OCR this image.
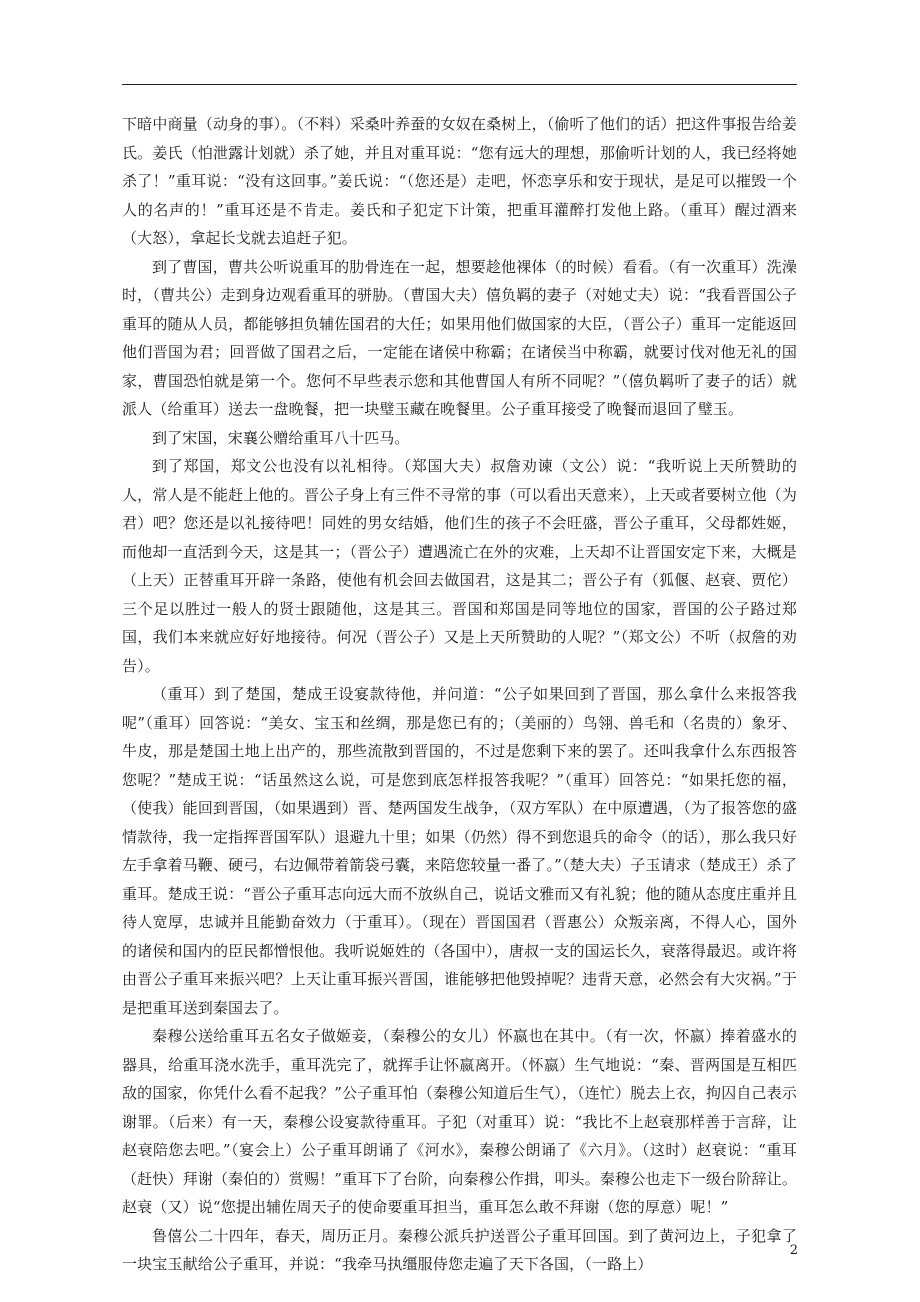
下暗中商量（动身的事）。（不料）采桑叶养蚕的女奴在桑树上，（偷听了他们的话）把这件事报告给姜氏。姜氏（怕泄露计划就）杀了她，并且对重耳说：“您有远大的理想，那偷听计划的人，我已经将她杀了！”重耳说：“没有这回事。”姜氏说：“（您还是）走吧，怀恋享乐和安于现状，是足可以摧毁一个人的名声的！”重耳还是不肯走。姜氏和子犯定下计策，把重耳灌醉打发他上路。（重耳）醒过酒来（大怒），拿起长戈就去追赶子犯。

到了曹国，曹共公听说重耳的肋骨连在一起，想要趁他裸体（的时候）看看。（有一次重耳）洗澡时，（曹共公）走到身边观看重耳的骈胁。（曹国大夫）僖负羁的妻子（对她丈夫）说：“我看晋国公子重耳的随从人员，都能够担负辅佐国君的大任；如果用他们做国家的大臣，（晋公子）重耳一定能返回他们晋国为君；回晋做了国君之后，一定能在诸侯中称霸；在诸侯当中称霸，就要讨伐对他无礼的国家，曹国恐怕就是第一个。您何不早些表示您和其他曹国人有所不同呢？”（僖负羁听了妻子的话）就派人（给重耳）送去一盘晚餐，把一块璧玉藏在晚餐里。公子重耳接受了晚餐而退回了璧玉。

到了宋国，宋襄公赠给重耳八十匹马。

到了郑国，郑文公也没有以礼相待。（郑国大夫）叔詹劝谏（文公）说：“我听说上天所赞助的人，常人是不能赶上他的。晋公子身上有三件不寻常的事（可以看出天意来），上天或者要树立他（为君）吧？您还是以礼接待吧！同姓的男女结婚，他们生的孩子不会旺盛，晋公子重耳，父母都姓姬，而他却一直活到今天，这是其一；（晋公子）遭遇流亡在外的灾难，上天却不让晋国安定下来，大概是（上天）正替重耳开辟一条路，使他有机会回去做国君，这是其二；晋公子有（狐偃、赵衰、贾佗）三个足以胜过一般人的贤士跟随他，这是其三。晋国和郑国是同等地位的国家，晋国的公子路过郑国，我们本来就应好好地接待。何况（晋公子）又是上天所赞助的人呢？”（郑文公）不听（叔詹的劝告）。

（重耳）到了楚国，楚成王设宴款待他，并问道：“公子如果回到了晋国，那么拿什么来报答我呢”（重耳）回答说：“美女、宝玉和丝绸，那是您已有的；（美丽的）鸟翎、兽毛和（名贵的）象牙、牛皮，那是楚国土地上出产的，那些流散到晋国的，不过是您剩下来的罢了。还叫我拿什么东西报答您呢？”楚成王说：“话虽然这么说，可是您到底怎样报答我呢？”（重耳）回答兑：“如果托您的福，（使我）能回到晋国，（如果遇到）晋、楚两国发生战争，（双方军队）在中原遭遇，（为了报答您的盛情款待，我一定指挥晋国军队）退避九十里；如果（仍然）得不到您退兵的命令（的话），那么我只好左手拿着马鞭、硬弓，右边佩带着箭袋弓囊，来陪您较量一番了。”（楚大夫）子玉请求（楚成王）杀了重耳。楚成王说：“晋公子重耳志向远大而不放纵自己，说话文雅而又有礼貌；他的随从态度庄重并且待人宽厚，忠诚并且能勤奋效力（于重耳）。（现在）晋国国君（晋惠公）众叛亲离，不得人心，国外的诸侯和国内的臣民都憎恨他。我听说姬姓的（各国中），唐叔一支的国运长久，衰落得最迟。或许将由晋公子重耳来振兴吧？上天让重耳振兴晋国，谁能够把他毁掉呢？违背天意，必然会有大灾祸。”于是把重耳送到秦国去了。

秦穆公送给重耳五名女子做姬妾，（秦穆公的女儿）怀嬴也在其中。（有一次，怀嬴）捧着盛水的器具，给重耳浇水洗手，重耳洗完了，就挥手让怀嬴离开。（怀嬴）生气地说：“秦、晋两国是互相匹敌的国家，你凭什么看不起我？”公子重耳怕（秦穆公知道后生气），（连忙）脱去上衣，拘囚自己表示谢罪。（后来）有一天，秦穆公设宴款待重耳。子犯（对重耳）说：“我比不上赵衰那样善于言辞，让赵衰陪您去吧。”（宴会上）公子重耳朗诵了《河水》，秦穆公朗诵了《六月》。（这时）赵衰说：“重耳（赶快）拜谢（秦伯的）赏赐！”重耳下了台阶，向秦穆公作揖，叩头。秦穆公也走下一级台阶辞让。赵衰（又）说“您提出辅佐周天子的使命要重耳担当，重耳怎么敢不拜谢（您的厚意）呢！”

鲁僖公二十四年，春天，周历正月。秦穆公派兵护送晋公子重耳回国。到了黄河边上，子犯拿了一块宝玉献给公子重耳，并说：“我牵马执缰服侍您走遍了天下各国，（一路上）

2
